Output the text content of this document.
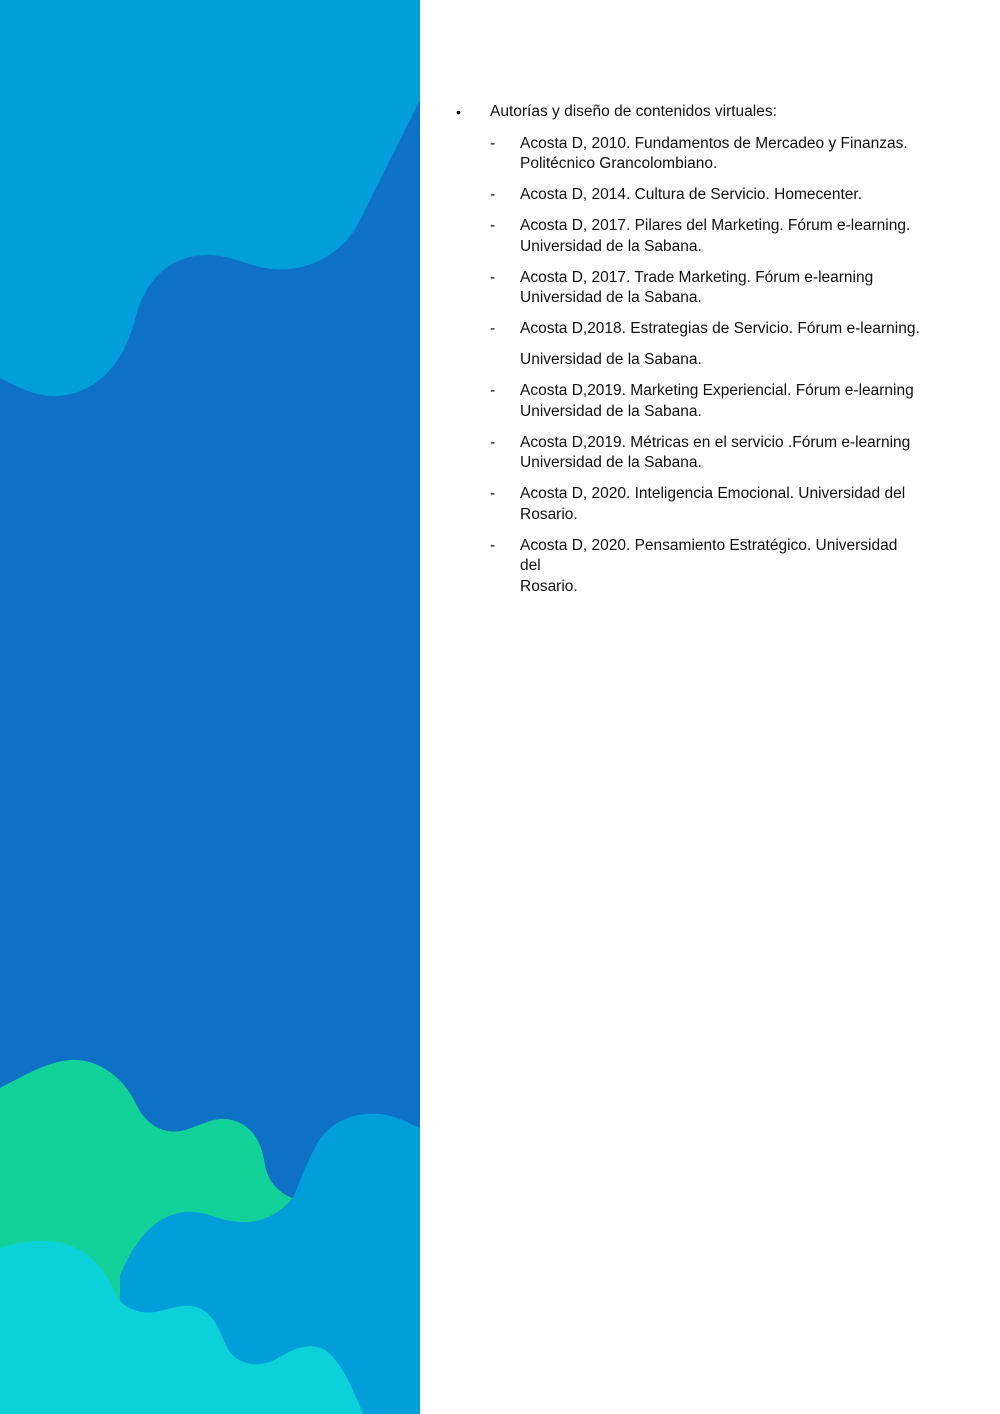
•	Autorías y diseño de contenidos virtuales:
-	Acosta D, 2010. Fundamentos de Mercadeo y Finanzas.
Politécnico Grancolombiano.
-	Acosta D, 2014. Cultura de Servicio. Homecenter.
-	Acosta D, 2017. Pilares del Marketing. Fórum e-learning.
Universidad de la Sabana.
-	Acosta D, 2017. Trade Marketing. Fórum e-learning
Universidad de la Sabana.
-	Acosta D,2018. Estrategias de Servicio. Fórum e-learning.
Universidad de la Sabana.
-	Acosta D,2019. Marketing Experiencial. Fórum e-learning
Universidad de la Sabana.
-	Acosta D,2019. Métricas en el servicio .Fórum e-learning
Universidad de la Sabana.
-	Acosta D, 2020. Inteligencia Emocional. Universidad del
Rosario.
-	Acosta D, 2020. Pensamiento Estratégico. Universidad del
Rosario.
